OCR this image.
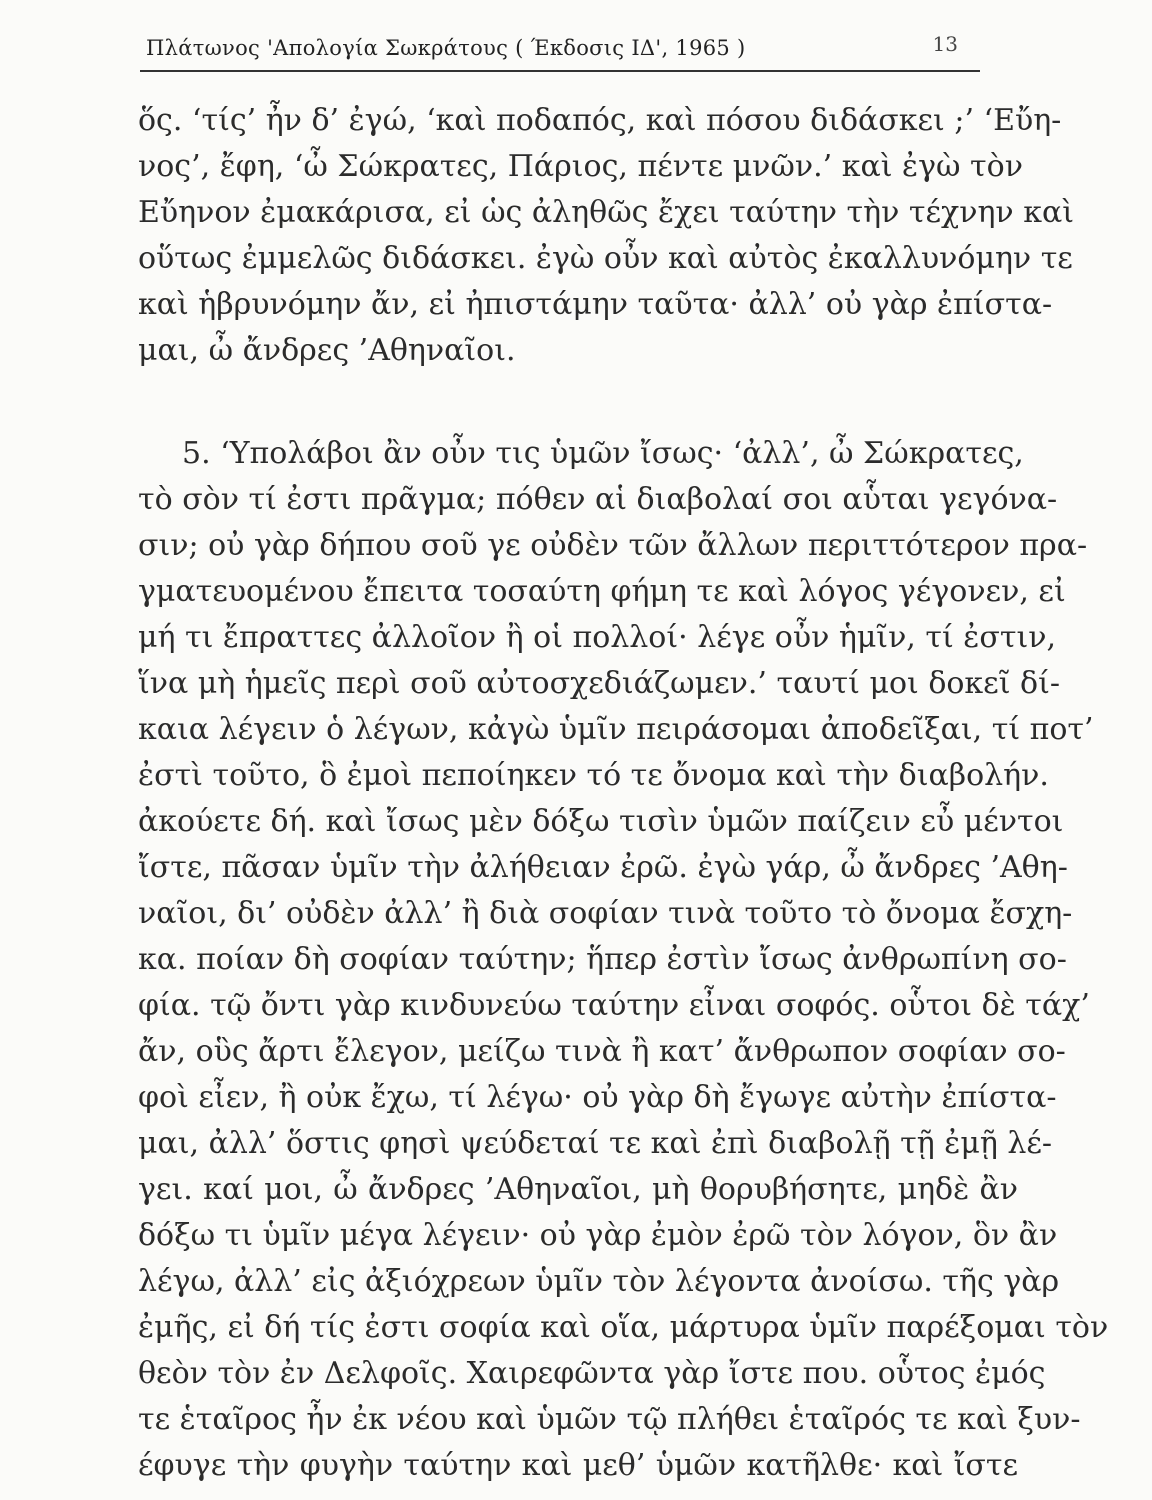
Πλάτωνος 'Απολογία Σωκράτους ( Έκδοσις ΙΔ', 1965 )	13
ὅς. ‘τίς’ ἦν δ’ ἐγώ, ‘καὶ ποδαπός, καὶ πόσου διδάσκει ;’ ‘Εὔη-
νος’, ἔφη, ‘ὦ Σώκρατες, Πάριος, πέντε μνῶν.’ καὶ ἐγὼ τὸν
Εὔηνον ἐμακάρισα, εἰ ὡς ἀληθῶς ἔχει ταύτην τὴν τέχνην καὶ
οὕτως ἐμμελῶς διδάσκει. ἐγὼ οὖν καὶ αὐτὸς ἐκαλλυνόμην τε
καὶ ἡβρυνόμην ἄν, εἰ ἠπιστάμην ταῦτα· ἀλλ’ οὐ γὰρ ἐπίστα-
μαι, ὦ ἄνδρες ’Αθηναῖοι.
5. ‘Υπολάβοι ἂν οὖν τις ὑμῶν ἴσως· ‘ἀλλ’, ὦ Σώκρατες,
τὸ σὸν τί ἐστι πρᾶγμα; πόθεν αἱ διαβολαί σοι αὗται γεγόνα-
σιν; οὐ γὰρ δήπου σοῦ γε οὐδὲν τῶν ἄλλων περιττότερον πρα-
γματευομένου ἔπειτα τοσαύτη φήμη τε καὶ λόγος γέγονεν, εἰ
μή τι ἔπραττες ἀλλοῖον ἢ οἱ πολλοί· λέγε οὖν ἡμῖν, τί ἐστιν,
ἵνα μὴ ἡμεῖς περὶ σοῦ αὐτοσχεδιάζωμεν.’ ταυτί μοι δοκεῖ δί-
καια λέγειν ὁ λέγων, κἀγὼ ὑμῖν πειράσομαι ἀποδεῖξαι, τί ποτ’
ἐστὶ τοῦτο, ὃ ἐμοὶ πεποίηκεν τό τε ὄνομα καὶ τὴν διαβολήν.
ἀκούετε δή. καὶ ἴσως μὲν δόξω τισὶν ὑμῶν παίζειν εὖ μέντοι
ἴστε, πᾶσαν ὑμῖν τὴν ἀλήθειαν ἐρῶ. ἐγὼ γάρ, ὦ ἄνδρες ’Αθη-
ναῖοι, δι’ οὐδὲν ἀλλ’ ἢ διὰ σοφίαν τινὰ τοῦτο τὸ ὄνομα ἔσχη-
κα. ποίαν δὴ σοφίαν ταύτην; ἥπερ ἐστὶν ἴσως ἀνθρωπίνη σο-
φία. τῷ ὄντι γὰρ κινδυνεύω ταύτην εἶναι σοφός. οὗτοι δὲ τάχ’
ἄν, οὓς ἄρτι ἔλεγον, μείζω τινὰ ἢ κατ’ ἄνθρωπον σοφίαν σο-
φοὶ εἶεν, ἢ οὐκ ἔχω, τί λέγω· οὐ γὰρ δὴ ἔγωγε αὐτὴν ἐπίστα-
μαι, ἀλλ’ ὅστις φησὶ ψεύδεταί τε καὶ ἐπὶ διαβολῇ τῇ ἐμῇ λέ-
γει. καί μοι, ὦ ἄνδρες ’Αθηναῖοι, μὴ θορυβήσητε, μηδὲ ἂν
δόξω τι ὑμῖν μέγα λέγειν· οὐ γὰρ ἐμὸν ἐρῶ τὸν λόγον, ὃν ἂν
λέγω, ἀλλ’ εἰς ἀξιόχρεων ὑμῖν τὸν λέγοντα ἀνοίσω. τῆς γὰρ
ἐμῆς, εἰ δή τίς ἐστι σοφία καὶ οἵα, μάρτυρα ὑμῖν παρέξομαι τὸν
θεὸν τὸν ἐν Δελφοῖς. Χαιρεφῶντα γὰρ ἴστε που. οὗτος ἐμός
τε ἑταῖρος ἦν ἐκ νέου καὶ ὑμῶν τῷ πλήθει ἑταῖρός τε καὶ ξυν-
έφυγε τὴν φυγὴν ταύτην καὶ μεθ’ ὑμῶν κατῆλθε· καὶ ἴστε
